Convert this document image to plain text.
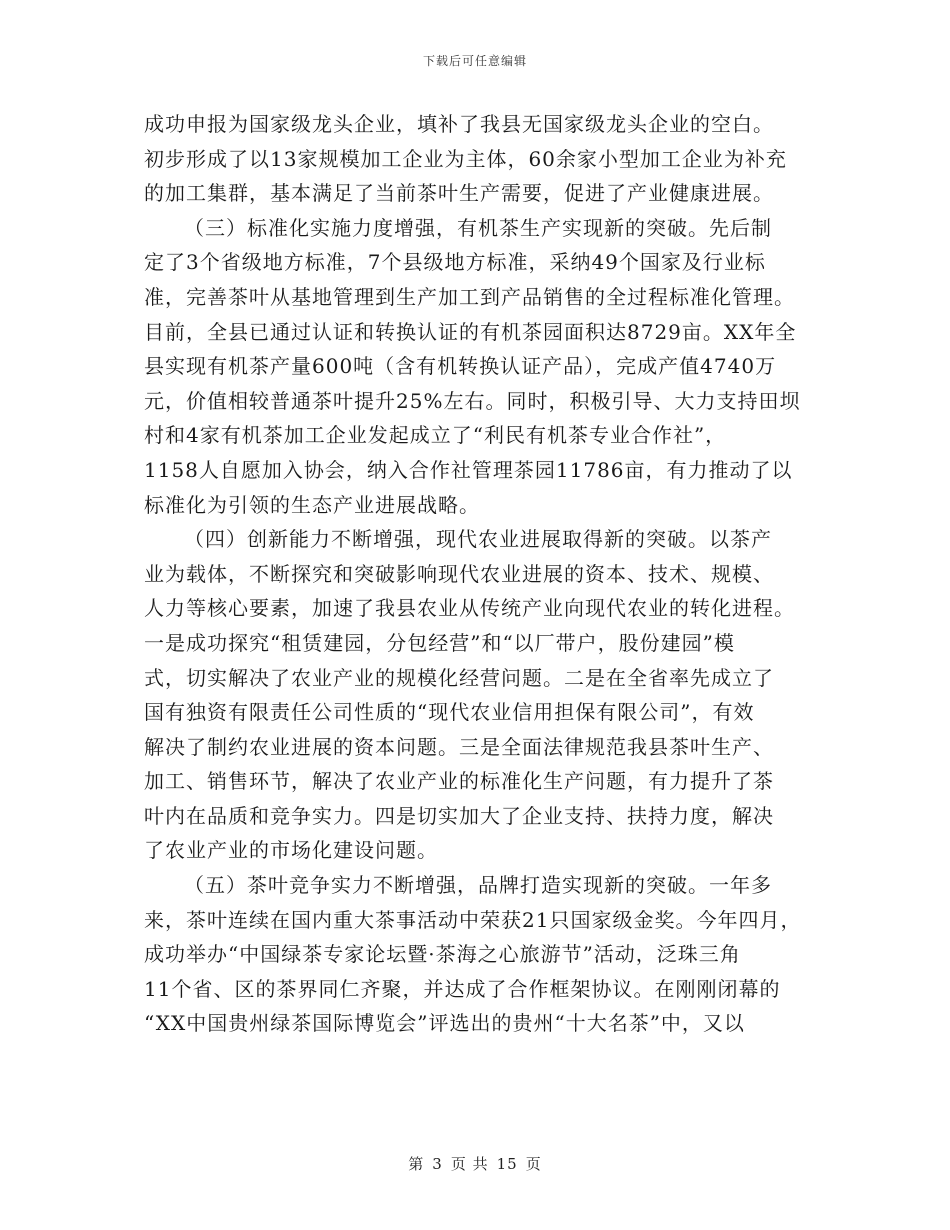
下载后可任意编辑
成功申报为国家级龙头企业，填补了我县无国家级龙头企业的空白。
初步形成了以13家规模加工企业为主体，60余家小型加工企业为补充
的加工集群，基本满足了当前茶叶生产需要，促进了产业健康进展。
（三）标准化实施力度增强，有机茶生产实现新的突破。先后制
定了3个省级地方标准，7个县级地方标准，采纳49个国家及行业标
准，完善茶叶从基地管理到生产加工到产品销售的全过程标准化管理。
目前，全县已通过认证和转换认证的有机茶园面积达8729亩。XX年全
县实现有机茶产量600吨（含有机转换认证产品），完成产值4740万
元，价值相较普通茶叶提升25%左右。同时，积极引导、大力支持田坝
村和4家有机茶加工企业发起成立了“利民有机茶专业合作社”，
1158人自愿加入协会，纳入合作社管理茶园11786亩，有力推动了以
标准化为引领的生态产业进展战略。
（四）创新能力不断增强，现代农业进展取得新的突破。以茶产
业为载体，不断探究和突破影响现代农业进展的资本、技术、规模、
人力等核心要素，加速了我县农业从传统产业向现代农业的转化进程。
一是成功探究“租赁建园，分包经营”和“以厂带户，股份建园”模
式，切实解决了农业产业的规模化经营问题。二是在全省率先成立了
国有独资有限责任公司性质的“现代农业信用担保有限公司”，有效
解决了制约农业进展的资本问题。三是全面法律规范我县茶叶生产、
加工、销售环节，解决了农业产业的标准化生产问题，有力提升了茶
叶内在品质和竞争实力。四是切实加大了企业支持、扶持力度，解决
了农业产业的市场化建设问题。
（五）茶叶竞争实力不断增强，品牌打造实现新的突破。一年多
来，茶叶连续在国内重大茶事活动中荣获21只国家级金奖。今年四月，
成功举办“中国绿茶专家论坛暨·茶海之心旅游节”活动，泛珠三角
11个省、区的茶界同仁齐聚，并达成了合作框架协议。在刚刚闭幕的
“XX中国贵州绿茶国际博览会”评选出的贵州“十大名茶”中，又以
第 3 页 共 15 页
